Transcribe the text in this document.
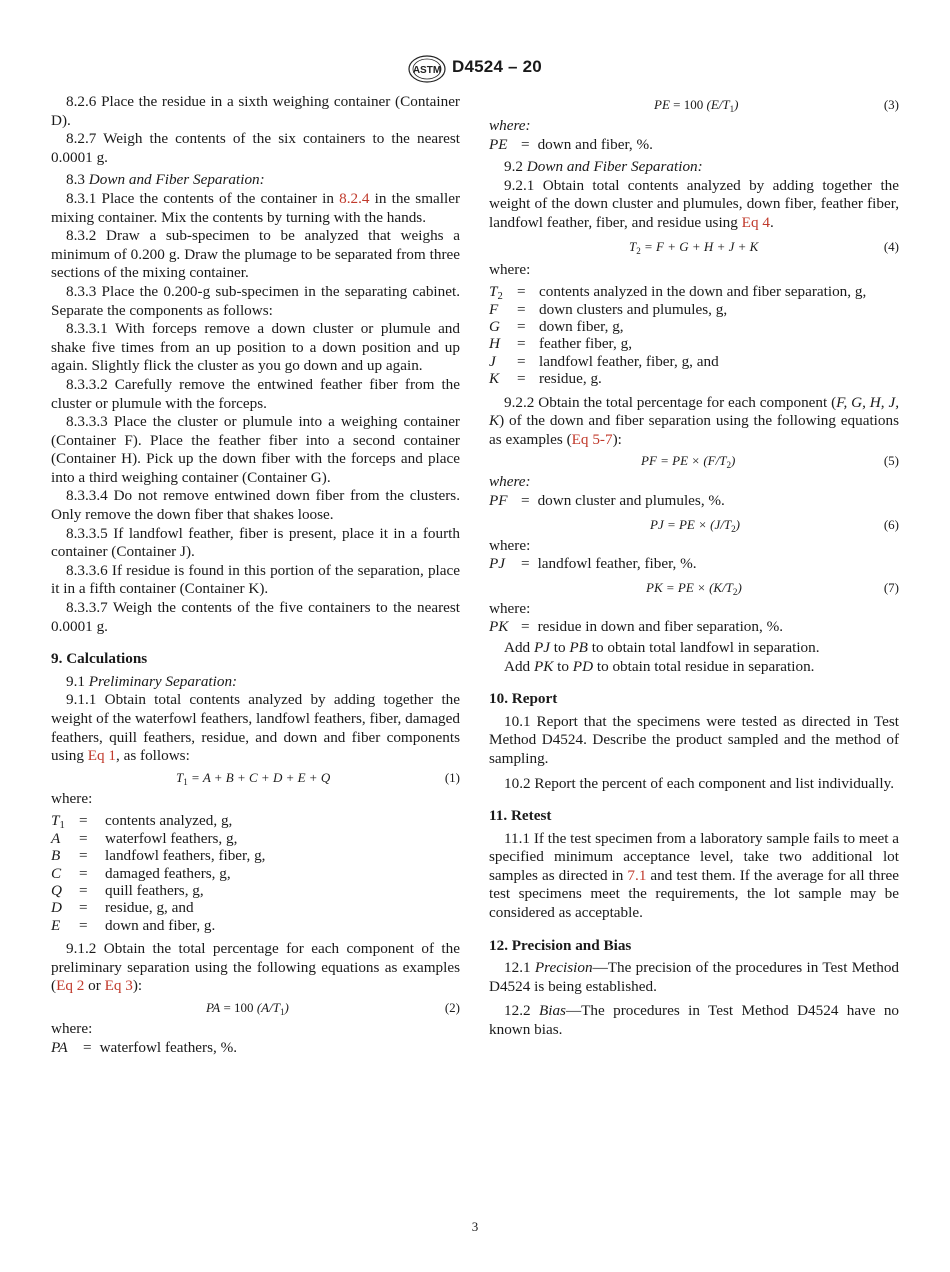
ASTM D4524 – 20

8.2.6 Place the residue in a sixth weighing container (Container D).

8.2.7 Weigh the contents of the six containers to the nearest 0.0001 g.

8.3 Down and Fiber Separation:

8.3.1 Place the contents of the container in 8.2.4 in the smaller mixing container. Mix the contents by turning with the hands.

8.3.2 Draw a sub-specimen to be analyzed that weighs a minimum of 0.200 g. Draw the plumage to be separated from three sections of the mixing container.

8.3.3 Place the 0.200-g sub-specimen in the separating cabinet. Separate the components as follows:

8.3.3.1 With forceps remove a down cluster or plumule and shake five times from an up position to a down position and up again. Slightly flick the cluster as you go down and up again.

8.3.3.2 Carefully remove the entwined feather fiber from the cluster or plumule with the forceps.

8.3.3.3 Place the cluster or plumule into a weighing container (Container F). Place the feather fiber into a second container (Container H). Pick up the down fiber with the forceps and place into a third weighing container (Container G).

8.3.3.4 Do not remove entwined down fiber from the clusters. Only remove the down fiber that shakes loose.

8.3.3.5 If landfowl feather, fiber is present, place it in a fourth container (Container J).

8.3.3.6 If residue is found in this portion of the separation, place it in a fifth container (Container K).

8.3.3.7 Weigh the contents of the five containers to the nearest 0.0001 g.

9. Calculations

9.1 Preliminary Separation:

9.1.1 Obtain total contents analyzed by adding together the weight of the waterfowl feathers, landfowl feathers, fiber, damaged feathers, quill feathers, residue, and down and fiber components using Eq 1, as follows:

$T_1 = A + B + C + D + E + Q$	( 1 )

where:

$T_1$ =	contents analyzed, g,
A	=	waterfowl feathers, g,
B	=	landfowl feathers, fiber, g,
C	=	damaged feathers, g,
Q	=	quill feathers, g,
D	=	residue, g, and
E	=	down and fiber, g.

9.1.2 Obtain the total percentage for each component of the preliminary separation using the following equations as examples (Eq 2 or Eq 3):

PA = 100 $(A/T_1)$	( 2 )

where:

PA	= waterfowl feathers, %.
PE = 100 $(E/T_1)$	( 3 )

where:

PE = down and fiber, %.

9.2 Down and Fiber Separation:

9.2.1 Obtain total contents analyzed by adding together the weight of the down cluster and plumules, down fiber, feather fiber, landfowl feather, fiber, and residue using Eq 4.

$T_2 = F + G + H + J + K$	( 4 )

where:

$T_2$ = contents analyzed in the down and fiber separation, g,
F	= down clusters and plumules, g,
G	= down fiber, g,
H	= feather fiber, g,
J	= landfowl feather, fiber, g, and
K	= residue, g.

9.2.2 Obtain the total percentage for each component (F, G, H, J, K) of the down and fiber separation using the following equations as examples (Eq 5-7):

PF = PE × $(F/T_2)$	( 5 )

where:

PF = down cluster and plumules, %.
PJ = PE × $(J/T_2)$	( 6 )

where:

PJ	= landfowl feather, fiber, %.
PK = PE × $(K/T_2)$	( 7 )

where:

PK = residue in down and fiber separation, %.

Add PJ to PB to obtain total landfowl in separation.

Add PK to PD to obtain total residue in separation.

10. Report

10.1 Report that the specimens were tested as directed in Test Method D4524. Describe the product sampled and the method of sampling.

10.2 Report the percent of each component and list individually.

11. Retest

11.1 If the test specimen from a laboratory sample fails to meet a specified minimum acceptance level, take two additional lot samples as directed in 7.1 and test them. If the average for all three test specimens meet the requirements, the lot sample may be considered as acceptable.

12. Precision and Bias

12.1 Precision—The precision of the procedures in Test Method D4524 is being established.

12.2 Bias—The procedures in Test Method D4524 have no known bias.

3
